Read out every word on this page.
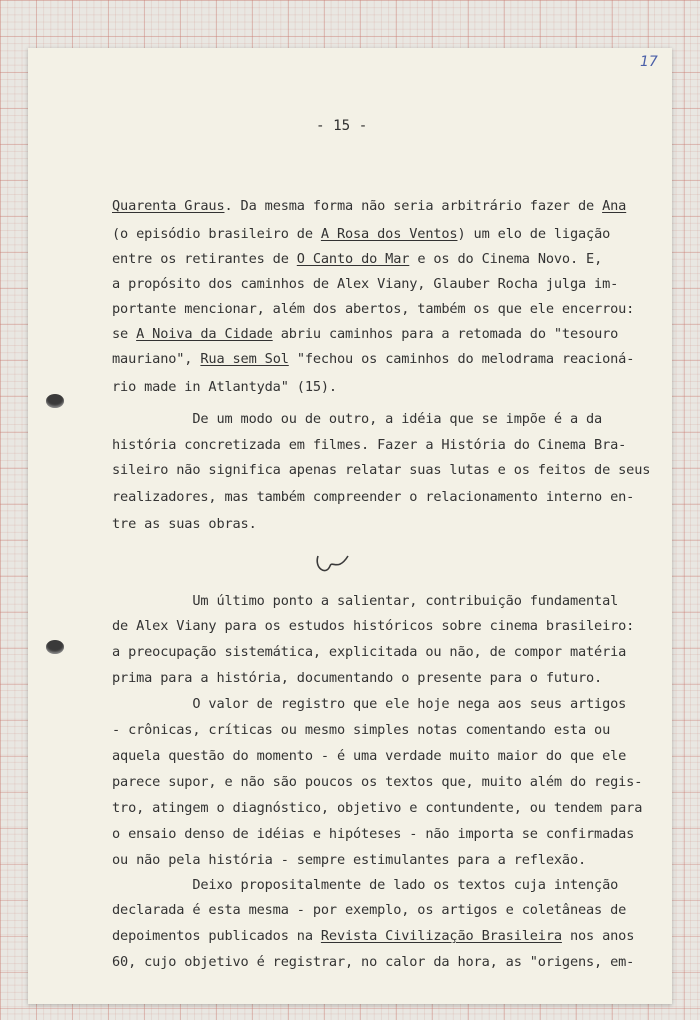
17
- 15 -
Quarenta Graus. Da mesma forma não seria arbitrário fazer de Ana
(o episódio brasileiro de A Rosa dos Ventos) um elo de ligação
entre os retirantes de O Canto do Mar e os do Cinema Novo. E,
a propósito dos caminhos de Alex Viany, Glauber Rocha julga im-
portante mencionar, além dos abertos, também os que ele encerrou:
se A Noiva da Cidade abriu caminhos para a retomada do "tesouro
mauriano", Rua sem Sol "fechou os caminhos do melodrama reacioná-
rio made in Atlantyda" (15).
De um modo ou de outro, a idéia que se impõe é a da
história concretizada em filmes. Fazer a História do Cinema Bra-
sileiro não significa apenas relatar suas lutas e os feitos de seus
realizadores, mas também compreender o relacionamento interno en-
tre as suas obras.
Um último ponto a salientar, contribuição fundamental
de Alex Viany para os estudos históricos sobre cinema brasileiro:
a preocupação sistemática, explicitada ou não, de compor matéria
prima para a história, documentando o presente para o futuro.
O valor de registro que ele hoje nega aos seus artigos
- crônicas, críticas ou mesmo simples notas comentando esta ou
aquela questão do momento - é uma verdade muito maior do que ele
parece supor, e não são poucos os textos que, muito além do regis-
tro, atingem o diagnóstico, objetivo e contundente, ou tendem para
o ensaio denso de idéias e hipóteses - não importa se confirmadas
ou não pela história - sempre estimulantes para a reflexão.
Deixo propositalmente de lado os textos cuja intenção
declarada é esta mesma - por exemplo, os artigos e coletâneas de
depoimentos publicados na Revista Civilização Brasileira nos anos
60, cujo objetivo é registrar, no calor da hora, as "origens, em-
